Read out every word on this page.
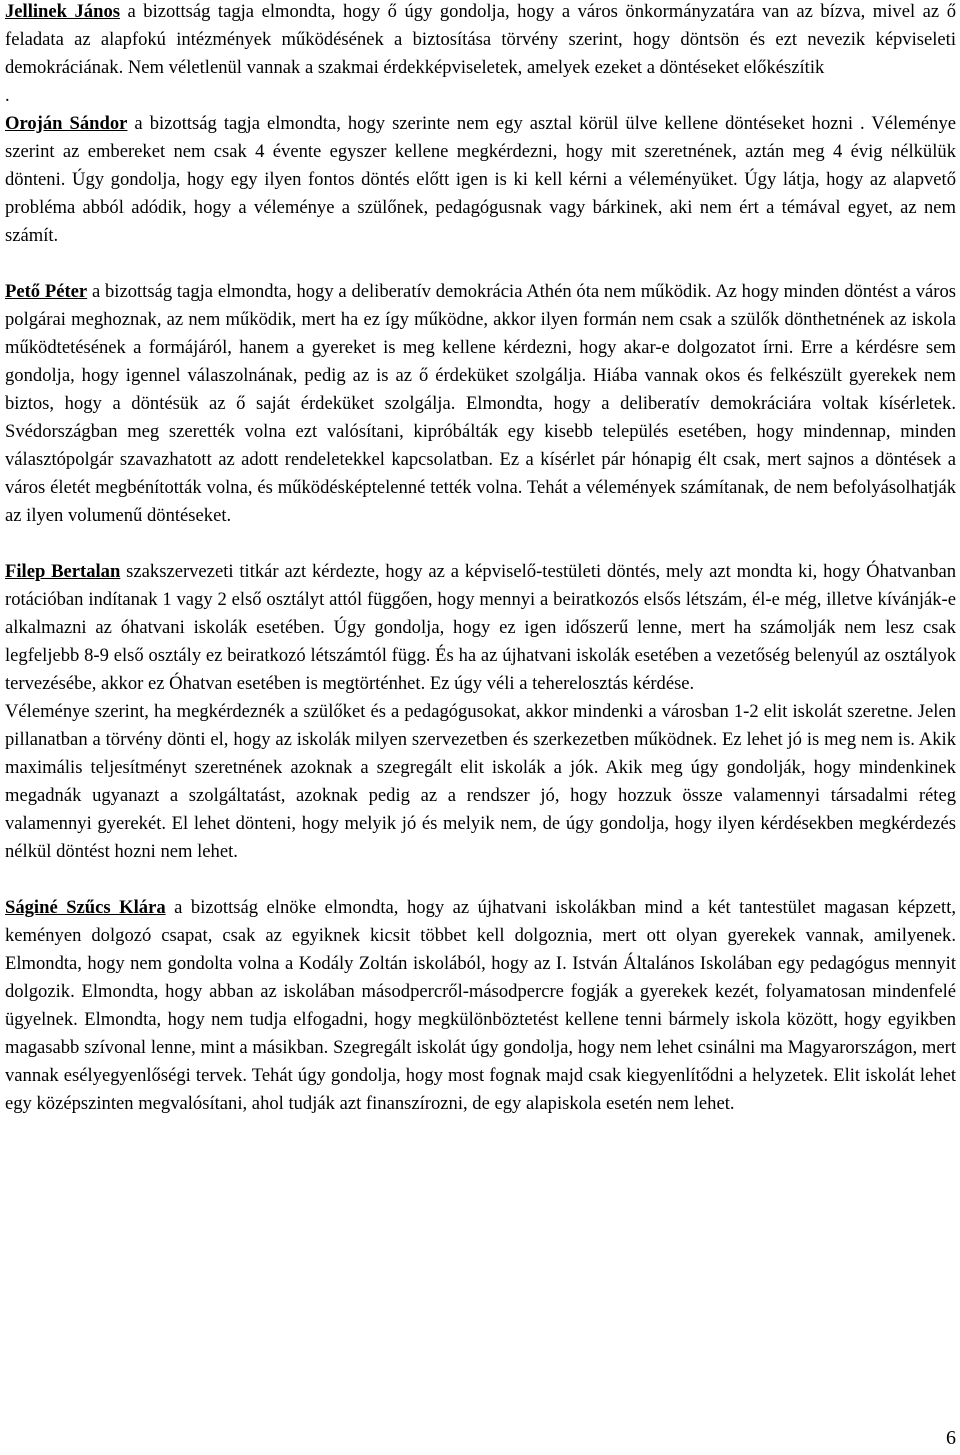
Jellinek János a bizottság tagja elmondta, hogy ő úgy gondolja, hogy a város önkormányzatára van az bízva, mivel az ő feladata az alapfokú intézmények működésének a biztosítása törvény szerint, hogy döntsön és ezt nevezik képviseleti demokráciának. Nem véletlenül vannak a szakmai érdekképviseletek, amelyek ezeket a döntéseket előkészítik

.

Oroján Sándor a bizottság tagja elmondta, hogy szerinte nem egy asztal körül ülve kellene döntéseket hozni . Véleménye szerint az embereket nem csak 4 évente egyszer kellene megkérdezni, hogy mit szeretnének, aztán meg 4 évig nélkülük dönteni. Úgy gondolja, hogy egy ilyen fontos döntés előtt igen is ki kell kérni a véleményüket. Úgy látja, hogy az alapvető probléma abból adódik, hogy a véleménye a szülőnek, pedagógusnak vagy bárkinek, aki nem ért a témával egyet, az nem számít.

Pető Péter a bizottság tagja elmondta, hogy a deliberatív demokrácia Athén óta nem működik. Az hogy minden döntést a város polgárai meghoznak, az nem működik, mert ha ez így működne, akkor ilyen formán nem csak a szülők dönthetnének az iskola működtetésének a formájáról, hanem a gyereket is meg kellene kérdezni, hogy akar-e dolgozatot írni. Erre a kérdésre sem gondolja, hogy igennel válaszolnának, pedig az is az ő érdeküket szolgálja. Hiába vannak okos és felkészült gyerekek nem biztos, hogy a döntésük az ő saját érdeküket szolgálja. Elmondta, hogy a deliberatív demokráciára voltak kísérletek. Svédországban meg szerették volna ezt valósítani, kipróbálták egy kisebb település esetében, hogy mindennap, minden választópolgár szavazhatott az adott rendeletekkel kapcsolatban. Ez a kísérlet pár hónapig élt csak, mert sajnos a döntések a város életét megbénították volna, és működésképtelenné tették volna. Tehát a vélemények számítanak, de nem befolyásolhatják az ilyen volumenű döntéseket.

Filep Bertalan szakszervezeti titkár azt kérdezte, hogy az a képviselő-testületi döntés, mely azt mondta ki, hogy Óhatvanban rotációban indítanak 1 vagy 2 első osztályt attól függően, hogy mennyi a beiratkozós elsős létszám, él-e még, illetve kívánják-e alkalmazni az óhatvani iskolák esetében. Úgy gondolja, hogy ez igen időszerű lenne, mert ha számolják nem lesz csak legfeljebb 8-9 első osztály ez beiratkozó létszámtól függ. És ha az újhatvani iskolák esetében a vezetőség belenyúl az osztályok tervezésébe, akkor ez Óhatvan esetében is megtörténhet. Ez úgy véli a teherelosztás kérdése.

Véleménye szerint, ha megkérdeznék a szülőket és a pedagógusokat, akkor mindenki a városban 1-2 elit iskolát szeretne. Jelen pillanatban a törvény dönti el, hogy az iskolák milyen szervezetben és szerkezetben működnek. Ez lehet jó is meg nem is. Akik maximális teljesítményt szeretnének azoknak a szegregált elit iskolák a jók. Akik meg úgy gondolják, hogy mindenkinek megadnák ugyanazt a szolgáltatást, azoknak pedig az a rendszer jó, hogy hozzuk össze valamennyi társadalmi réteg valamennyi gyerekét. El lehet dönteni, hogy melyik jó és melyik nem, de úgy gondolja, hogy ilyen kérdésekben megkérdezés nélkül döntést hozni nem lehet.

Ságiné Szűcs Klára a bizottság elnöke elmondta, hogy az újhatvani iskolákban mind a két tantestület magasan képzett, keményen dolgozó csapat, csak az egyiknek kicsit többet kell dolgoznia, mert ott olyan gyerekek vannak, amilyenek. Elmondta, hogy nem gondolta volna a Kodály Zoltán iskolából, hogy az I. István Általános Iskolában egy pedagógus mennyit dolgozik. Elmondta, hogy abban az iskolában másodpercről-másodpercre fogják a gyerekek kezét, folyamatosan mindenfelé ügyelnek. Elmondta, hogy nem tudja elfogadni, hogy megkülönböztetést kellene tenni bármely iskola között, hogy egyikben magasabb szívonal lenne, mint a másikban. Szegregált iskolát úgy gondolja, hogy nem lehet csinálni ma Magyarországon, mert vannak esélyegyenlőségi tervek. Tehát úgy gondolja, hogy most fognak majd csak kiegyenlítődni a helyzetek. Elit iskolát lehet egy középszinten megvalósítani, ahol tudják azt finanszírozni, de egy alapiskola esetén nem lehet.

6
